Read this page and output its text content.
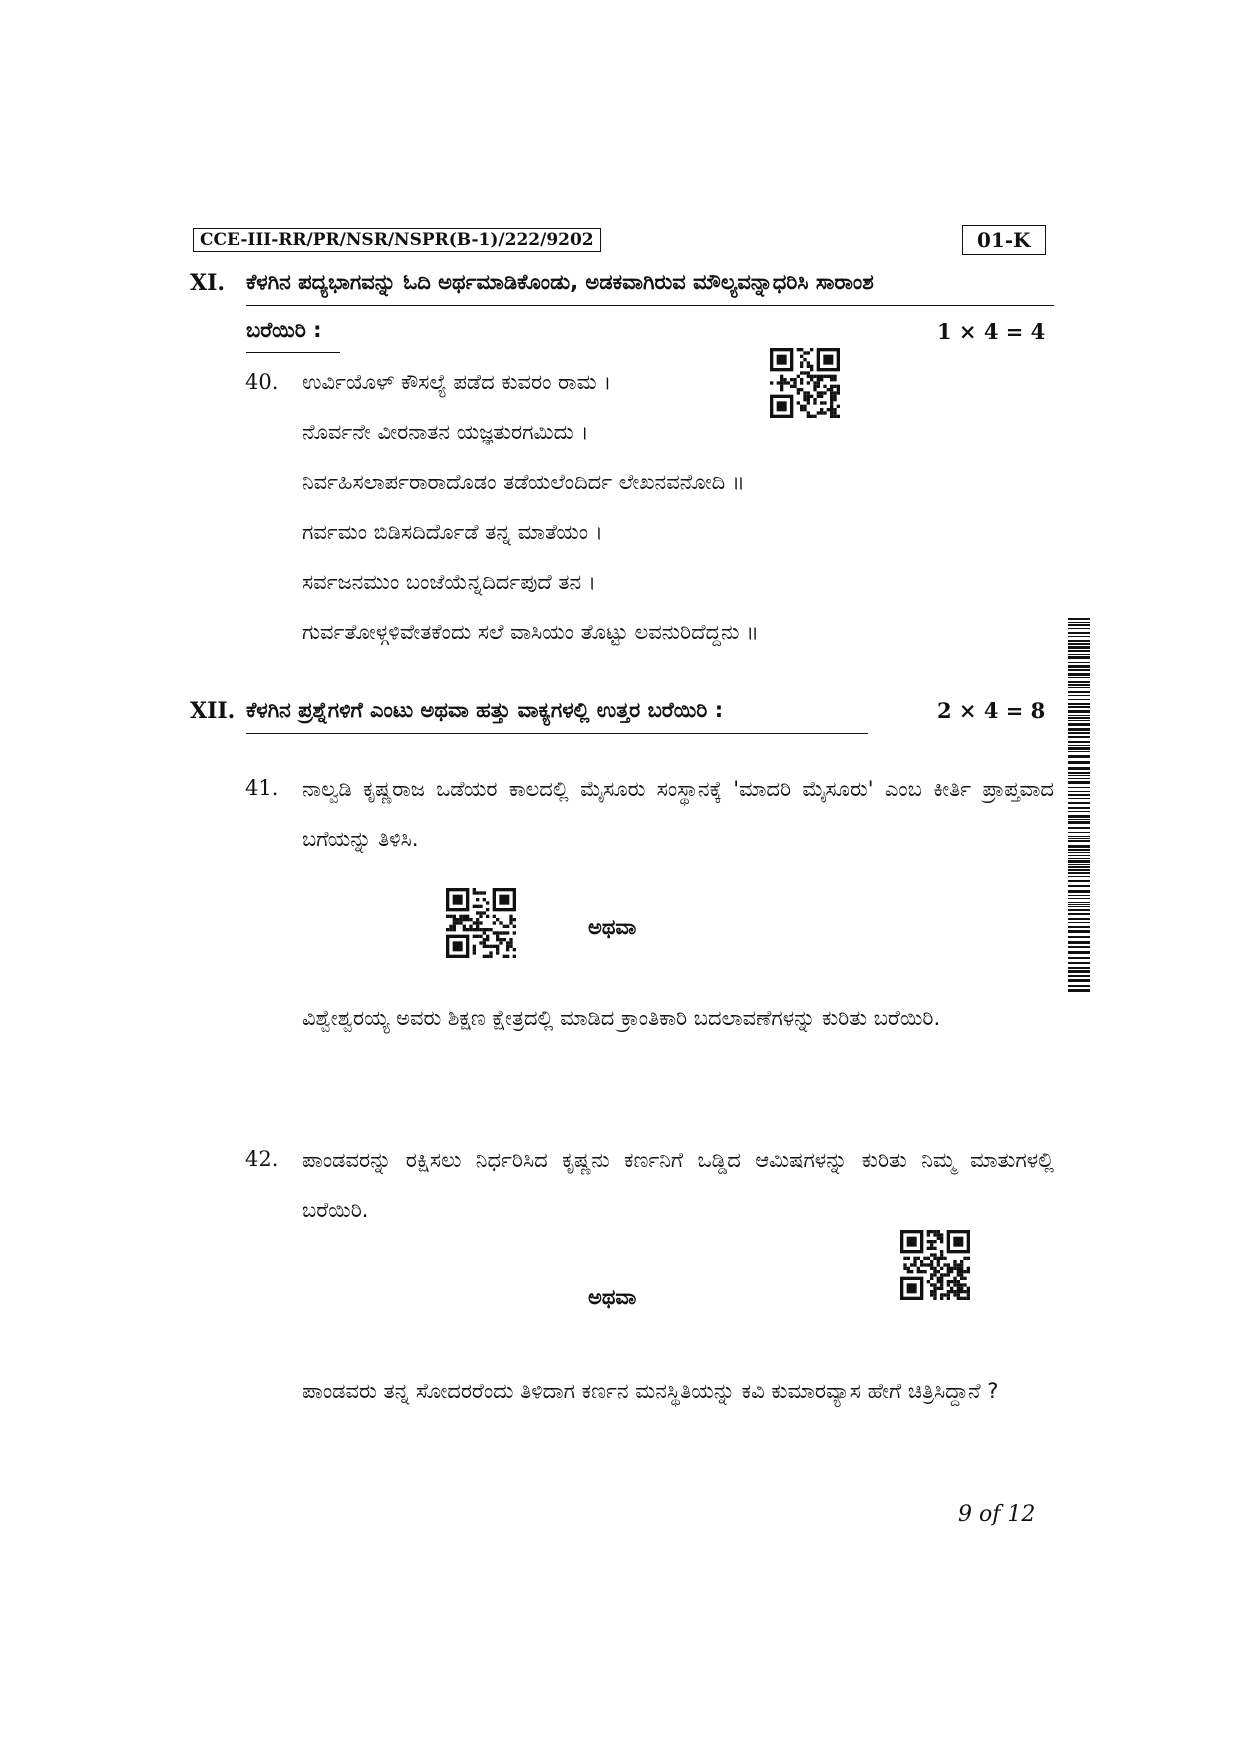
CCE-III-RR/PR/NSR/NSPR(B-1)/222/9202	01-K
XI. ಕೆಳಗಿನ ಪದ್ಯಭಾಗವನ್ನು ಓದಿ ಅರ್ಥಮಾಡಿಕೊಂಡು, ಅಡಕವಾಗಿರುವ ಮೌಲ್ಯವನ್ನಾಧರಿಸಿ ಸಾರಾಂಶ
ಬರೆಯಿರಿ :	1 × 4 = 4
40. ಉರ್ವಿಯೊಳ್ ಕೌಸಲ್ಯೆ ಪಡೆದ ಕುವರಂ ರಾಮ ।
ನೊರ್ವನೇ ವೀರನಾತನ ಯಜ್ಞತುರಗಮಿದು ।
ನಿರ್ವಹಿಸಲಾರ್ಪರಾರಾದೊಡಂ ತಡೆಯಲೆಂದಿರ್ದ ಲೇಖನವನೋದಿ ॥
ಗರ್ವಮಂ ಬಿಡಿಸದಿರ್ದೊಡೆ ತನ್ನ ಮಾತೆಯಂ ।
ಸರ್ವಜನಮುಂ ಬಂಜೆಯೆನ್ನದಿರ್ದಪುದೆ ತನ ।
ಗುರ್ವತೋಳ್ಗಳಿವೇತಕೆಂದು ಸಲೆ ವಾಸಿಯಂ ತೊಟ್ಟು ಲವನುರಿದೆದ್ದನು ॥
XII. ಕೆಳಗಿನ ಪ್ರಶ್ನೆಗಳಿಗೆ ಎಂಟು ಅಥವಾ ಹತ್ತು ವಾಕ್ಯಗಳಲ್ಲಿ ಉತ್ತರ ಬರೆಯಿರಿ :	2 × 4 = 8
41. ನಾಲ್ವಡಿ ಕೃಷ್ಣರಾಜ ಒಡೆಯರ ಕಾಲದಲ್ಲಿ ಮೈಸೂರು ಸಂಸ್ಥಾನಕ್ಕೆ 'ಮಾದರಿ ಮೈಸೂರು' ಎಂಬ ಕೀರ್ತಿ ಪ್ರಾಪ್ತವಾದ ಬಗೆಯನ್ನು ತಿಳಿಸಿ.
ಅಥವಾ
ವಿಶ್ವೇಶ್ವರಯ್ಯ ಅವರು ಶಿಕ್ಷಣ ಕ್ಷೇತ್ರದಲ್ಲಿ ಮಾಡಿದ ಕ್ರಾಂತಿಕಾರಿ ಬದಲಾವಣೆಗಳನ್ನು ಕುರಿತು ಬರೆಯಿರಿ.
42. ಪಾಂಡವರನ್ನು ರಕ್ಷಿಸಲು ನಿರ್ಧರಿಸಿದ ಕೃಷ್ಣನು ಕರ್ಣನಿಗೆ ಒಡ್ಡಿದ ಆಮಿಷಗಳನ್ನು ಕುರಿತು ನಿಮ್ಮ ಮಾತುಗಳಲ್ಲಿ ಬರೆಯಿರಿ.
ಅಥವಾ
ಪಾಂಡವರು ತನ್ನ ಸೋದರರೆಂದು ತಿಳಿದಾಗ ಕರ್ಣನ ಮನಸ್ಥಿತಿಯನ್ನು ಕವಿ ಕುಮಾರವ್ಯಾಸ ಹೇಗೆ ಚಿತ್ರಿಸಿದ್ದಾನೆ ?
9 of 12
